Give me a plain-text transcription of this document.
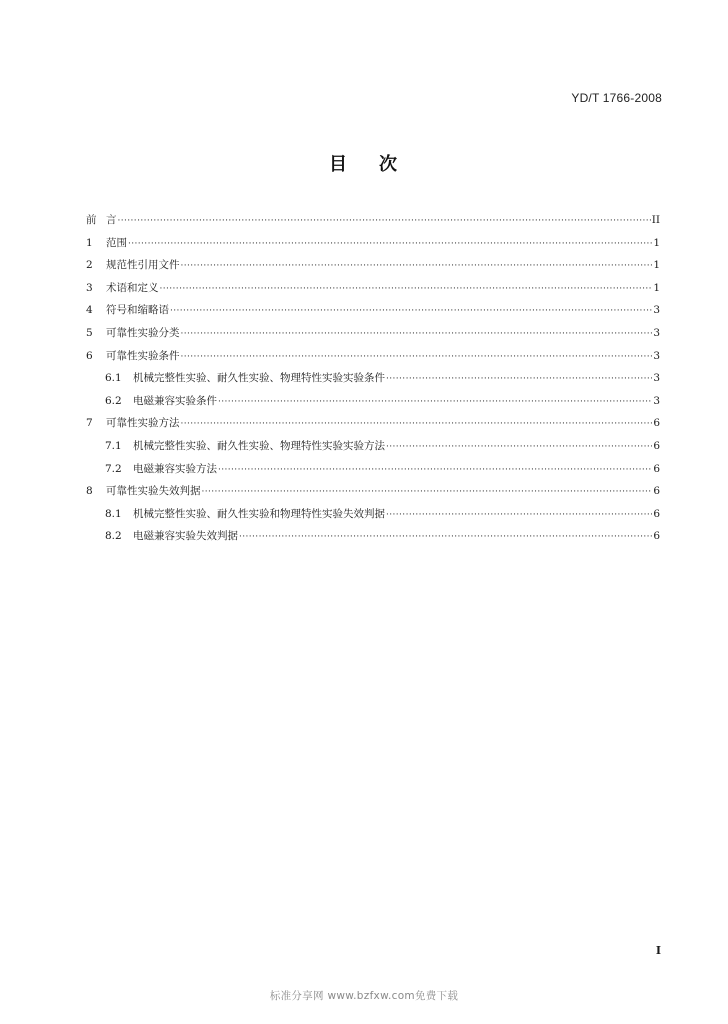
YD/T 1766-2008
目 次
前 言 ·····	II
1	范围 ·····	1
2	规范性引用文件 ·····	1
3	术语和定义 ·····	1
4	符号和缩略语 ·····	3
5	可靠性实验分类 ·····	3
6	可靠性实验条件 ·····	3
6.1	机械完整性实验、耐久性实验、物理特性实验实验条件 ·····	3
6.2	电磁兼容实验条件 ·····	3
7	可靠性实验方法 ·····	6
7.1	机械完整性实验、耐久性实验、物理特性实验实验方法 ·····	6
7.2	电磁兼容实验方法 ·····	6
8	可靠性实验失效判据 ·····	6
8.1	机械完整性实验、耐久性实验和物理特性实验失效判据 ·····	6
8.2	电磁兼容实验失效判据 ·····	6
I
标准分享网 www.bzfxw.com免费下载
